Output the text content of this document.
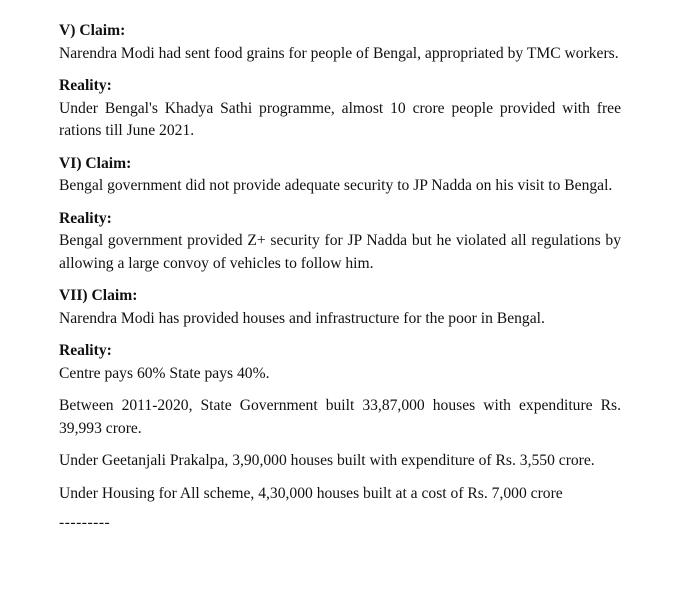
V) Claim:
Narendra Modi had sent food grains for people of Bengal, appropriated by TMC workers.
Reality:
Under Bengal's Khadya Sathi programme, almost 10 crore people provided with free rations till June 2021.
VI) Claim:
Bengal government did not provide adequate security to JP Nadda on his visit to Bengal.
Reality:
Bengal government provided Z+ security for JP Nadda but he violated all regulations by allowing a large convoy of vehicles to follow him.
VII) Claim:
Narendra Modi has provided houses and infrastructure for the poor in Bengal.
Reality:
Centre pays 60% State pays 40%.

Between 2011-2020, State Government built 33,87,000 houses with expenditure Rs. 39,993 crore.

Under Geetanjali Prakalpa, 3,90,000 houses built with expenditure of Rs. 3,550 crore.

Under Housing for All scheme, 4,30,000 houses built at a cost of Rs. 7,000 crore

---------
